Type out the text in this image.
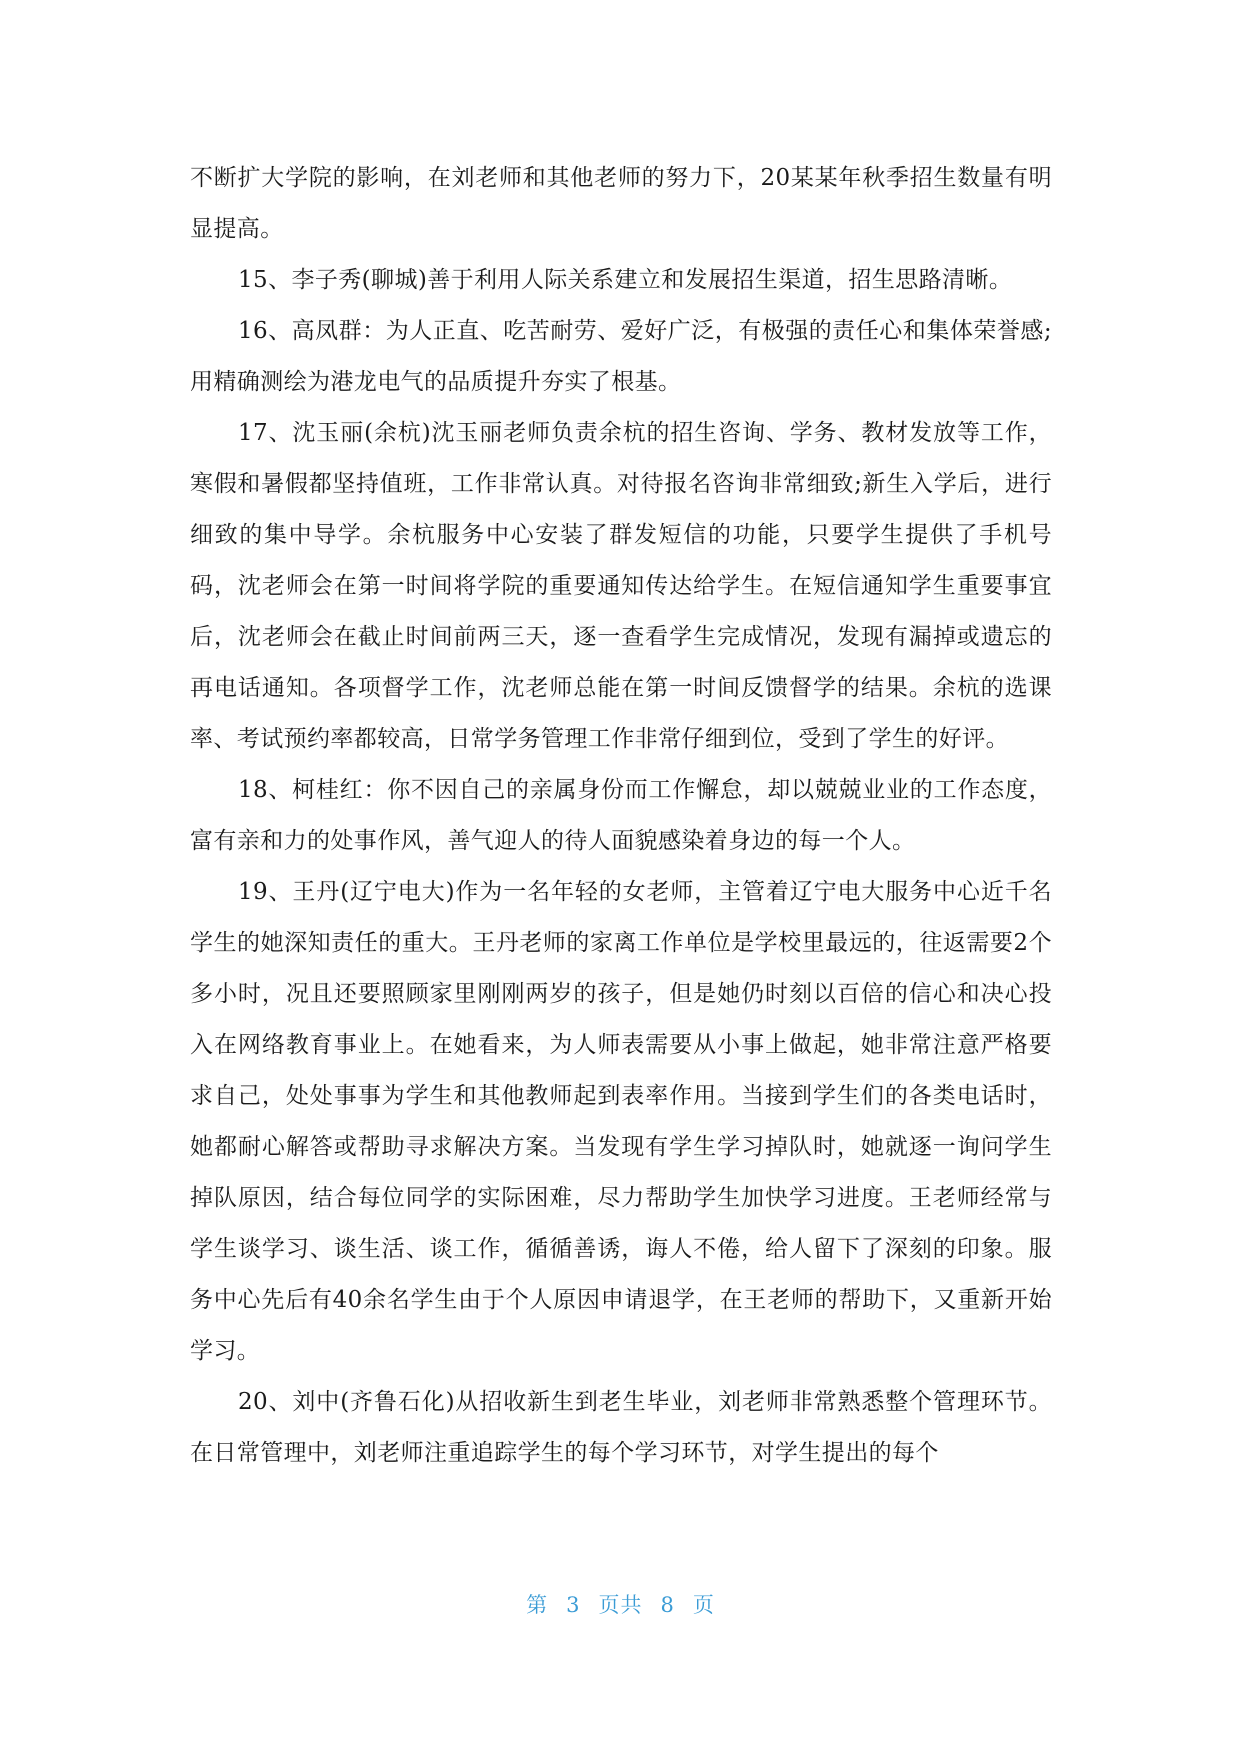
不断扩大学院的影响，在刘老师和其他老师的努力下，20某某年秋季招生数量有明显提高。

15、李子秀(聊城)善于利用人际关系建立和发展招生渠道，招生思路清晰。

16、高凤群：为人正直、吃苦耐劳、爱好广泛，有极强的责任心和集体荣誉感;用精确测绘为港龙电气的品质提升夯实了根基。

17、沈玉丽(余杭)沈玉丽老师负责余杭的招生咨询、学务、教材发放等工作，寒假和暑假都坚持值班，工作非常认真。对待报名咨询非常细致;新生入学后，进行细致的集中导学。余杭服务中心安装了群发短信的功能，只要学生提供了手机号码，沈老师会在第一时间将学院的重要通知传达给学生。在短信通知学生重要事宜后，沈老师会在截止时间前两三天，逐一查看学生完成情况，发现有漏掉或遗忘的再电话通知。各项督学工作，沈老师总能在第一时间反馈督学的结果。余杭的选课率、考试预约率都较高，日常学务管理工作非常仔细到位，受到了学生的好评。

18、柯桂红：你不因自己的亲属身份而工作懈怠，却以兢兢业业的工作态度，富有亲和力的处事作风，善气迎人的待人面貌感染着身边的每一个人。

19、王丹(辽宁电大)作为一名年轻的女老师，主管着辽宁电大服务中心近千名学生的她深知责任的重大。王丹老师的家离工作单位是学校里最远的，往返需要2个多小时，况且还要照顾家里刚刚两岁的孩子，但是她仍时刻以百倍的信心和决心投入在网络教育事业上。在她看来，为人师表需要从小事上做起，她非常注意严格要求自己，处处事事为学生和其他教师起到表率作用。当接到学生们的各类电话时，她都耐心解答或帮助寻求解决方案。当发现有学生学习掉队时，她就逐一询问学生掉队原因，结合每位同学的实际困难，尽力帮助学生加快学习进度。王老师经常与学生谈学习、谈生活、谈工作，循循善诱，诲人不倦，给人留下了深刻的印象。服务中心先后有40余名学生由于个人原因申请退学，在王老师的帮助下，又重新开始学习。

20、刘中(齐鲁石化)从招收新生到老生毕业，刘老师非常熟悉整个管理环节。在日常管理中，刘老师注重追踪学生的每个学习环节，对学生提出的每个

第 3 页共 8 页
